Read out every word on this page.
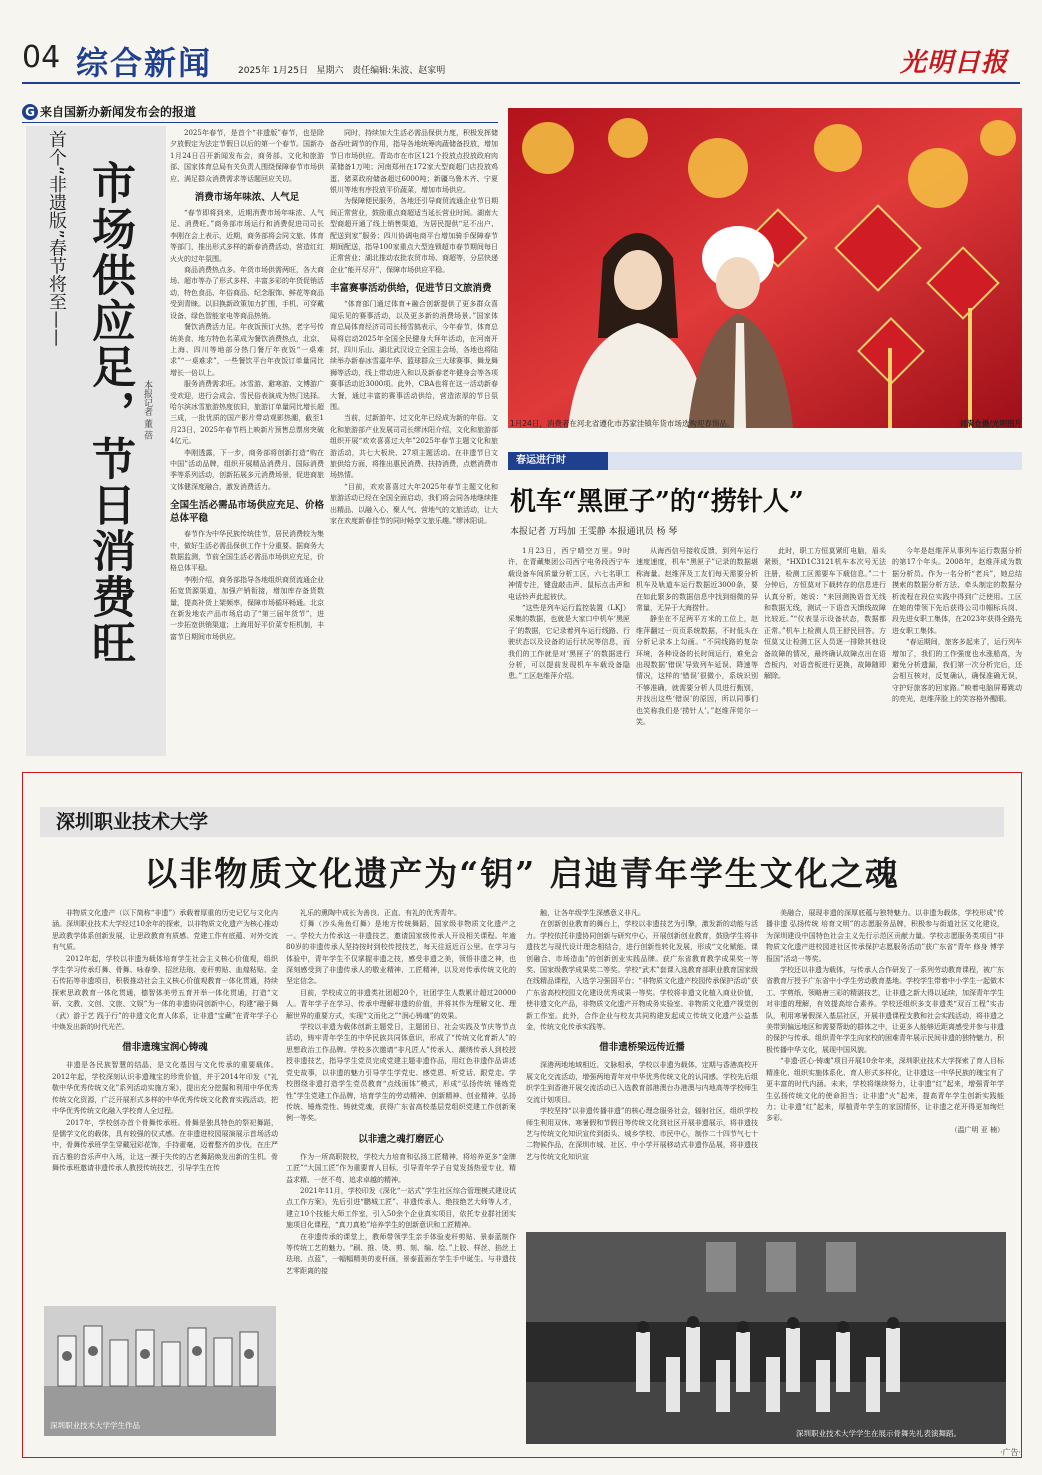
04 综合新闻	2025年 1月25日 星期六 责任编辑:朱波、赵家明	光明日报
G 来自国新办新闻发布会的报道
首个“非遗版”春节将至—— 市场供应足，节日消费旺 本报记者 董 蓓

2025年春节，是首个“非遗版”春节，也是除夕放假定为法定节假日以后的第一个春节。国新办1月24日召开新闻发布会，商务部、文化和旅游部、国家体育总局有关负责人围绕保障春节市场供应、满足群众消费需求等话题回应关切。

消费市场年味浓、人气足

“春节即将到来，近期消费市场年味浓、人气足、消费旺。”商务部市场运行和消费促进司司长李刚在会上表示，近期，商务部将会同文旅、体育等部门，推出形式多样的新春消费活动，营造红红火火的过年氛围。

商品消费热点多。年货市场供需两旺，各大商场、超市等办了形式多样、丰富多彩的年货促销活动，特色食品、年俗商品、纪念服饰、鲜花等商品受到青睐。以旧换新政策加力扩围，手机、可穿戴设备、绿色智能家电等商品热销。

餐饮消费活力足。年夜饭预订火热，老字号传统美食、地方特色名菜成为餐饮消费热点，北京、上海、四川等地部分热门餐厅年夜饭“一桌难求”“一桌难求”，一些餐饮平台年夜饭订单量同比增长一倍以上。

服务消费需求旺。冰雪游、避寒游、文博游广受欢迎，进行会成会、雪民俗表演成为热门选择。哈尔滨冰雪旅游热度依旧，旅游订单量同比增长超三成，一批优质的国产影片带动观影热潮，截至1月23日，2025年春节档上映新片预售总票房突破4亿元。

李刚透露，下一步，商务部将创新打造“购在中国”活动品牌，组织开展精品消费月、国际消费季等系列活动，创新拓展多元消费场景，促进商旅文体健深度融合，激发消费活力。

全国生活必需品市场供应充足、价格总体平稳

春节作为中华民族传统佳节，居民消费较为集中，做好生活必需品保供工作十分重要。据商务大数据监测，节前全国生活必需品市场供应充足，价格总体平稳。

李刚介绍，商务部指导各地组织商贸流通企业拓宽货源渠道，加强产销衔接，增加库存备货数量，提高补货上架频率，保障市场循环畅通。北京在新发地农产品市场启动了“第三届年货节”，进一步拓宽供销渠道；上海用好平价菜专柜机制，丰富节日期间市场供应。

同时，持续加大生活必需品保供力度，积极发挥储备吞吐调节的作用，指导各地统筹肉蔬储备投放，增加节日市场供应。青岛市在市区121个投放点投放政府肉菜储备1万吨；河南郑州在172家大型商超门店投放鸡蛋、猪菜政府储备超过6000吨；新疆乌鲁木齐、宁夏银川等地有序投放平价蔬菜，增加市场供应。

为保障便民服务，各地还引导商贸流通企业节日期间正常营业，鼓励重点商超适当延长营业时间。湖南大型商超开通了线上销售渠道，为居民提供“足不出户、配送到家”服务；四川协调电商平台增加骑手保障春节期间配送，指导100家重点大型连锁超市春节期间每日正常营业；湖北推动农批农贸市场、商超等，分层快递企业“能开尽开”，保障市场供应平稳。

丰富赛事活动供给，促进节日文旅消费

“体育部门通过体育+融合创新提供了更多群众喜闻乐见的赛事活动，以及更多新的消费场景。”国家体育总局体育经济司司长杨雪鸫表示，今年春节，体育总局将启动2025年全国全民健身大拜年活动，在河南开封、四川乐山、湖北武汉设立全国主会场，各地也将陆续举办新春冰雪嘉年华、篮球群众三大球赛事、舞龙舞狮等活动，线上带动进入和以及新春老年健身会等各项赛事活动近3000项。此外，CBA也将在这一活动新春大餐，通过丰富的赛事活动供给，营造浓厚的节日氛围。

当前，过新游年、过文化年已经成为新的年俗。文化和旅游部产业发展司司长缪沐阳介绍，文化和旅游部组织开展“欢欢喜喜过大年”2025年春节主题文化和旅游活动，共七大板块、27项主题活动。在非遗节日文旅供给方面，将推出惠民消费、扶持消费，点燃消费市场热情。

“目前，欢欢喜喜过大年2025年春节主题文化和旅游活动已经在全国全面启动，我们将会同各地继续推出精品、以融入心、聚人气、营地气的文旅活动，让大家在欢度新春佳节的同时畅享文旅乐趣。”缪沐阳说。

1月24日，消费者在河北省遵化市苏家洼镇年货市场选购迎春饰品。	刘满仓摄/光明图片
春运进行时
机车“黑匣子”的“捞针人”
本报记者 万玛加 王雯静 本报通讯员 杨 琴

1月23日，西宁晴空万里。9时许，在青藏集团公司西宁电务段西宁车载设备车间质量分析工区，六七名职工神情专注，键盘敲击声、鼠标点击声和电话铃声此起彼伏。

“这些是列车运行监控装置（LKJ）采集的数据，也就是大家口中机车‘黑匣子’的数据，它记录着列车运行线路、行驶状态以及设备的运行状况等信息，而我们的工作就是对‘黑匣子’的数据进行分析，可以提前发现机车车载设备隐患。”工区赵维萍介绍。

从海西信号接收反馈，到列车运行速度速度，机车“黑匣子”记录的数据堪称海量。赵维萍及工友们每天需要分析机车及轨道车运行数据近3000条，要在如此繁多的数据信息中找到细微的异常量，无异于大海捞针。

静坐在不足两平方米的工位上，赵维萍翻过一页页系统数据，不时低头在分析记录本上勾画。“不同线路的复杂环境，各种设备的长时间运行，难免会出现数据‘错误’导致列车延误、降速等情况，这样的‘错误’很微小，系统识别不够准确，就需要分析人员进行甄别，并找出这些‘错误’的原因，所以同事们也笑称我们是‘捞针人’。”赵维萍莞尔一笑。

此时，职工方恒莫紧盯电脑，眉头紧锁，“HXD1C3121机车本次号无法注册，检测工区需要车下载信息。”二十分钟后，方恒莫对下载转存的信息进行认真分析，她说：“来回测换语音无线和数据无线，测试一下语音天馈线故障比较近。”“仪表显示设备状态，数据都正常。”机车上检测人员王舒民回答。方恒莫又让检测工区人员逐一排除其他设备故障的情况，最终确认故障点出在语音板内，对语音板进行更换，故障随即解除。

今年是赵维萍从事列车运行数据分析的第17个年头。2008年，赵维萍成为数据分析员。作为一名分析“老兵”，她总结摸索的数据分析方法、牵头制定的数据分析流程在段位实践中得到广泛使用。工区在她的带领下先后获得公司巾帼标兵岗、段先进女职工集体，在2023年获得全路先进女职工集体。

“春运期间，旅客多起来了，运行列车增加了，我们的工作强度也水涨船高，为避免分析遗漏，我们第一次分析完后，还会相互核对，反复确认，确保准确无误，守护好旅客的回家路。”映着电脑屏幕跳动的亮光，赵维萍脸上的笑容格外醒眼。

深圳职业技术大学
以非物质文化遗产为“钥” 启迪青年学生文化之魂

非物质文化遗产（以下简称“非遗”）承载着厚重的历史记忆与文化内涵。深圳职业技术大学经过10余年的探索，以非物质文化遗产为核心推动思政教学体系创新发展，让思政教育有质感、党建工作有底蕴、对外交流有气质。

2012年起，学校以非遗为载体培育学生社会主义核心价值观，组织学生学习传承灯舞、骨舞、咏春拳、招丝珐琅、麦秆剪贴、血煌粘贴、金石传拓等非遗项目，积极推动社会主义核心价值观教育一体化贯通，持续探索思政教育一体化贯通，德智体美劳五育并举一体化贯通，打造“文研、文教、文创、文旅、文娱”为一体的非遗协同创新中心，构建“融于舞（武）游于艺 践于行”的非遗文化育人体系，让非遗“宝藏”在青年学子心中焕发出新的时代光芒。

借非遗瑰宝润心铸魂

非遗是各民族智慧的结晶，是文化基因与文化传承的重要载体。2012年起，学校深刻认识非遗瑰宝的珍贵价值，并于2014年印发《“礼敬中华优秀传统文化”系列活动实施方案》，提出充分挖掘和利用中华优秀传统文化资源，广泛开展形式多样的中华优秀传统文化教育实践活动，把中华优秀传统文化融入学校育人全过程。

2017年，学校创办首个骨舞传承班。骨舞是独具特色的祭祀舞蹈，是儒学文化的载体，具有较强的仪式感。在非遗进校园展演展示首场活动中，骨舞传承班学生穿戴冠彩花饰，手持翟毫，迈着整齐的步伐，在庄严而古雅的音乐声中入场，让这一濒于失传的古老舞蹈焕发出新的生机。骨舞传承班邀请非遗传承人教授传统技艺，引导学生在传

礼乐的熏陶中成长为善良、正直、有礼的优秀青年。

灯舞（沙头角鱼灯舞）是地方传统舞蹈，国家级非物质文化遗产之一。学校大力传承这一非遗技艺，邀请国家级传承人开设相关课程。年逾80岁的非遗传承人坚持按时到校传授技艺，每天往返近百公里。在学习与体验中，青年学生不仅掌握非遗之技，感受非遗之美，领悟非遗之神，也深刻感受到了非遗传承人的敬业精神、工匠精神，以及对传承传统文化的坚定信念。

目前，学校成立的非遗类社团超20个，社团学生人数累计超过20000人。青年学子在学习、传承中理解非遗的价值，并将其作为理解文化、理解世界的重要方式，实现“文而化之”“润心铸魂”的效果。

学校以非遗为载体创新主题党日，主题团日、社会实践及节庆等节点活动，铸牢青年学生的中华民族共同体意识，形成了“传统文化育新人”的思想政治工作品牌。学校多次邀请“非凡匠人”传承人、潮绣传承人到校授授非遗技艺，指导学生党员完成党建主题非遗作品，用红色非遗作品讲述党史故事，以非遗的魅力引导学生学党史、感党恩、听党话、跟党走。学校围绕非遗打造学生党员教育“点线面体”模式，形成“弘扬传统 锤炼党性”学生党建工作品牌，培育学生的劳动精神、创新精神、创业精神，弘扬传统、锤炼党性、铸就党魂，获得广东省高校基层党组织党建工作创新案例一等奖。

以非遗之魂打磨匠心

作为一所高职院校，学校大力培育和弘扬工匠精神，将培养更多“金牌工匠”“大国工匠”作为重要育人目标，引导青年学子自觉发扬热爱专业，精益求精、一丝不苟、追求卓越的精神。

2021年11月，学校印发《深化“一站式”学生社区综合管理模式建设试点工作方案》，先后引进“鹏城工匠”、非遗传承人、绝技绝艺大师等人才，建立10个技能大师工作室，引入50余个企业真实项目，依托专业群社团实施项目化课程，“真刀真枪”培养学生的创新意识和工匠精神。

在非遗传承的课堂上，教师带领学生亲手体验麦秆剪贴、景泰蓝制作等传统工艺的魅力。“刷、推、烫、剪、刻、编、绘、”上胶、样丝、掐丝上珐琅、点蓝”，一幅幅精美的麦秆画，景泰蓝画在学生手中诞生。与非遗技艺零距离的接

触，让各年级学生深感意义非凡。

在创新创业教育的舞台上，学校以非遗技艺为引擎，激发新的动能与活力。学校依托非遗协同创新与研究中心，开展创新创业教育，鼓励学生将非遗技艺与现代设计理念相结合，进行创新性转化发展，形成“文化赋能、课创融合、市场造血”的创新创业实践品牌。获广东省教育教学成果奖一等奖、国家级教学成果奖二等奖。学校“武术”套课入选教育部职业教育国家级在线精品课程，入选学习强国平台；“非物质文化遗产校园传承保护活动”获广东省高校校园文化建设优秀成果一等奖。学校将非遗文化植入商业价值，使非遗文化产品，非物质文化遗产开物成务实验室、非物质文化遗产视觉创新工作室。此外，合作企业与校友共同构建发起成立传统文化遗产公益基金，传统文化传承实践等。

借非遗桥梁远传近播

深港两地地域相近、文脉相承，学校以非遗为载体，定期与香港高校开展文化交流活动，增强两地青年对中华优秀传统文化的认同感。学校先后组织学生到香港开展交流活动已入选教育部港澳台办港澳与内地高等学校师生交流计划项目。

学校坚持“以非遗传播非遗”的核心理念服务社会，辐射社区，组织学校师生利用双休、寒暑假和节假日等传统文化到社区开展非遗展示，将非遗技艺与传统文化知识宣传到街头、城乡学校、市民中心，制作二十四节气七十二物候作品，在深圳市城、社区、中小学开展移动式非遗作品展，将非遗技艺与传统文化知识宣

美融合，展现非遗的深厚底蕴与独特魅力。以非遗为载体，学校形成“传播非遗 弘扬传统 培育文明”的志愿服务品牌，积极参与街道社区文化建设，为深圳建设中国特色社会主义先行示范区贡献力量。学校志愿服务类项目“非物质文化遗产进校园进社区传承保护志愿服务活动”获广东省“青年 修身 博学 报国”活动一等奖。

学校还以非遗为载体，与传承人合作研发了一系列劳动教育课程，被广东省教育厅授予广东省中小学生劳动教育基地。学校学生带着中小学生一起做木工、学剪纸、领略唐三彩的精湛技艺，让非遗之新大得以延续，加深青年学生对非遗的理解，有效提高综合素养。学校还组织多支非遗类“双百工程”实击队，利用寒暑假深入基层社区，开展非遗课程支教和社会实践活动，将非遗之美带到偏远地区和需要帮助的群体之中，让更多人能够近距离感受并参与非遗的保护与传承。组织青年学生向家校的困难青年展示民间非遗的独特魅力，积极传播中华文化，展现中国风貌。

“非遗·匠心·铸魂”项目开展10余年来，深圳职业技术大学探索了育人目标精准化、组织实施体系化、育人形式多样化，让非遗这一中华民族的瑰宝有了更丰富的时代内涵。未来，学校将继续努力，让非遗“红”起来，增强青年学生弘扬传统文化的使命担当；让非遗“火”起来，提高青年学生创新实践能力；让非遗“红”起来，厚植青年学生的家国情怀，让非遗之花开得更加绚烂多彩。

（温广明 亚 楠）

深圳职业技术大学学生作品
深圳职业技术大学学生在展示骨舞先礼表演舞蹈。
·广告·
